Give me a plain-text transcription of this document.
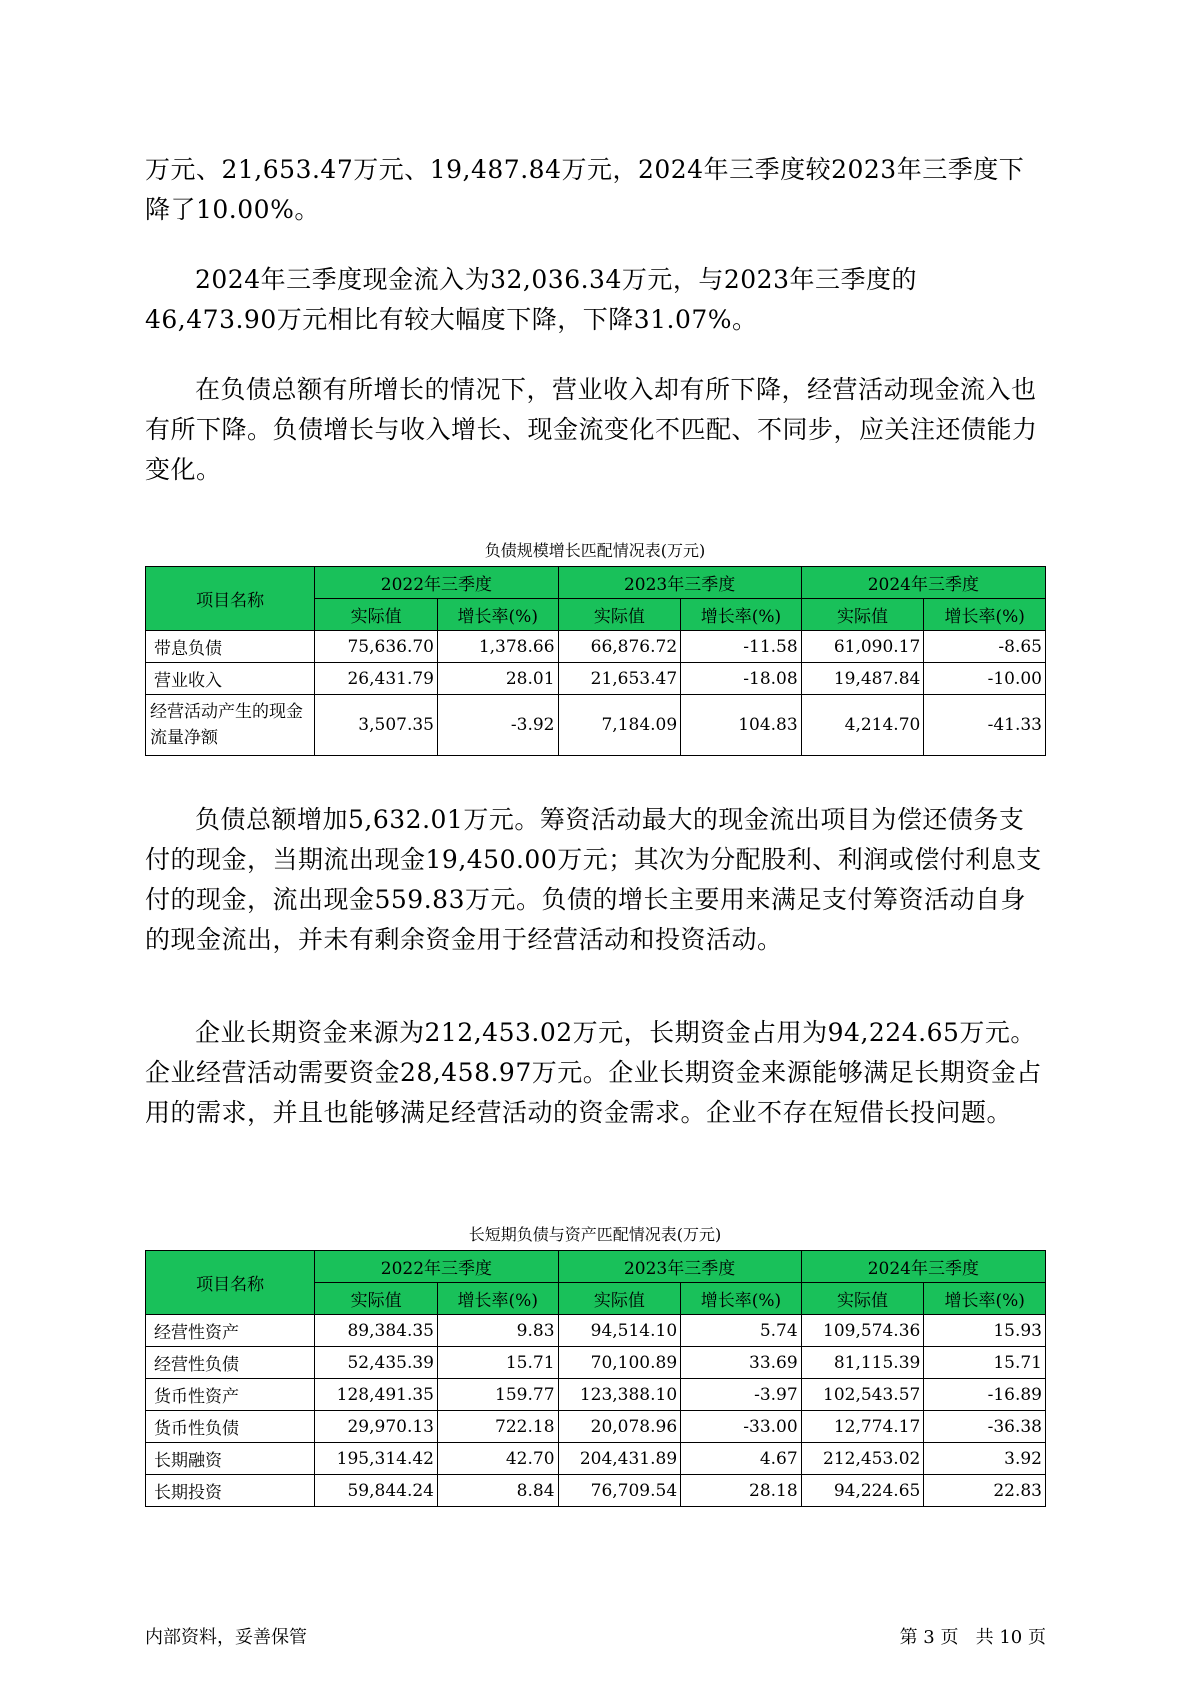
万元、21,653.47万元、19,487.84万元，2024年三季度较2023年三季度下降了10.00%。

2024年三季度现金流入为32,036.34万元，与2023年三季度的46,473.90万元相比有较大幅度下降，下降31.07%。

在负债总额有所增长的情况下，营业收入却有所下降，经营活动现金流入也有所下降。负债增长与收入增长、现金流变化不匹配、不同步，应关注还债能力变化。

负债规模增长匹配情况表(万元)
项目名称	2022年三季度		2023年三季度		2024年三季度	
	实际值	增长率(%)	实际值	增长率(%)	实际值	增长率(%)
带息负债	75,636.70	1,378.66	66,876.72	-11.58	61,090.17	-8.65
营业收入	26,431.79	28.01	21,653.47	-18.08	19,487.84	-10.00
经营活动产生的现金流量净额	3,507.35	-3.92	7,184.09	104.83	4,214.70	-41.33

负债总额增加5,632.01万元。筹资活动最大的现金流出项目为偿还债务支付的现金，当期流出现金19,450.00万元；其次为分配股利、利润或偿付利息支付的现金，流出现金559.83万元。负债的增长主要用来满足支付筹资活动自身的现金流出，并未有剩余资金用于经营活动和投资活动。

企业长期资金来源为212,453.02万元，长期资金占用为94,224.65万元。企业经营活动需要资金28,458.97万元。企业长期资金来源能够满足长期资金占用的需求，并且也能够满足经营活动的资金需求。企业不存在短借长投问题。

长短期负债与资产匹配情况表(万元)
项目名称	2022年三季度		2023年三季度		2024年三季度	
	实际值	增长率(%)	实际值	增长率(%)	实际值	增长率(%)
经营性资产	89,384.35	9.83	94,514.10	5.74	109,574.36	15.93
经营性负债	52,435.39	15.71	70,100.89	33.69	81,115.39	15.71
货币性资产	128,491.35	159.77	123,388.10	-3.97	102,543.57	-16.89
货币性负债	29,970.13	722.18	20,078.96	-33.00	12,774.17	-36.38
长期融资	195,314.42	42.70	204,431.89	4.67	212,453.02	3.92
长期投资	59,844.24	8.84	76,709.54	28.18	94,224.65	22.83
内部资料，妥善保管	第 3 页   共 10 页
